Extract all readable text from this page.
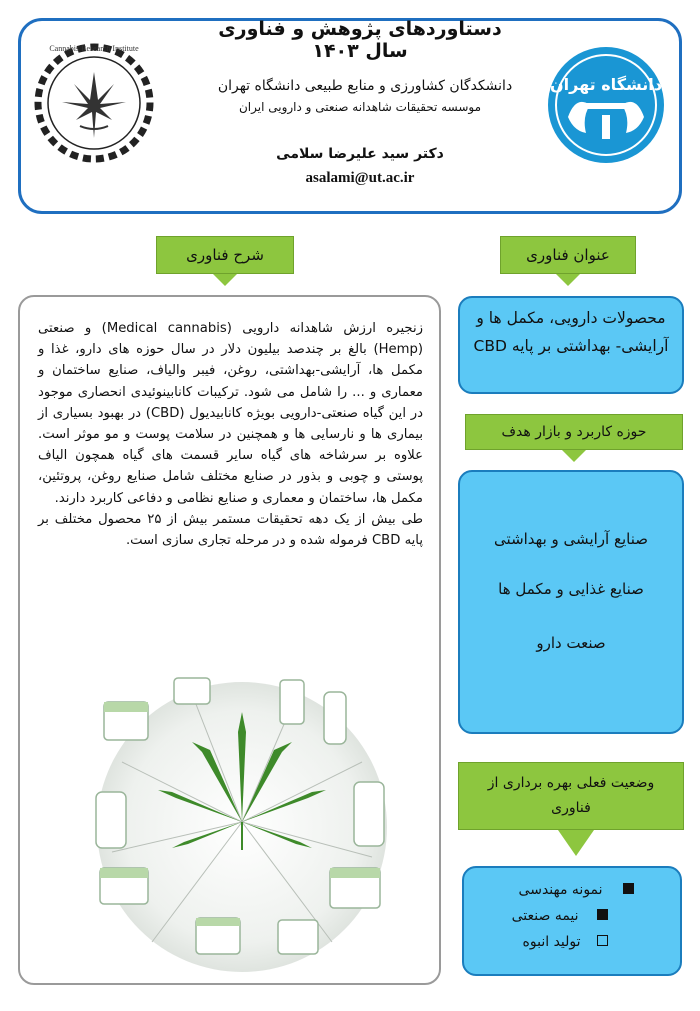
دانشگاه تهران
Cannabis Research Institute
دستاوردهای پژوهش و فناوری سال ۱۴۰۳
دانشکدگان کشاورزی و منابع طبیعی دانشگاه تهران
موسسه تحقیقات شاهدانه صنعتی و دارویی ایران
دکتر سید علیرضا سلامی
asalami@ut.ac.ir
عنوان فناوری
شرح فناوری
محصولات دارویی، مکمل ها و آرایشی- بهداشتی بر پایه CBD
حوزه کاربرد و بازار هدف
صنایع آرایشی و بهداشتی
صنایع غذایی و مکمل ها
صنعت دارو
وضعیت فعلی بهره برداری از فناوری
نمونه مهندسی
نیمه صنعتی
تولید انبوه

زنجیره ارزش شاهدانه دارویی (Medical cannabis) و صنعتی (Hemp) بالغ بر چندصد بیلیون دلار در سال حوزه های دارو، غذا و مکمل ها، آرایشی-بهداشتی، روغن، فیبر والیاف، صنایع ساختمان و معماری و ... را شامل می شود. ترکیبات کانابینوئیدی انحصاری موجود در این گیاه صنعتی-دارویی بویژه کانابیدیول (CBD) در بهبود بسیاری از بیماری ها و نارسایی ها و همچنین در سلامت پوست و مو موثر است. علاوه بر سرشاخه های گیاه سایر قسمت های گیاه همچون الیاف پوستی و چوبی و بذور در صنایع مختلف شامل صنایع روغن، پروتئین، مکمل ها، ساختمان و معماری و صنایع نظامی و دفاعی کاربرد دارند.

طی بیش از یک دهه تحقیقات مستمر بیش از ۲۵ محصول مختلف بر پایه CBD فرموله شده و در مرحله تجاری سازی است.
